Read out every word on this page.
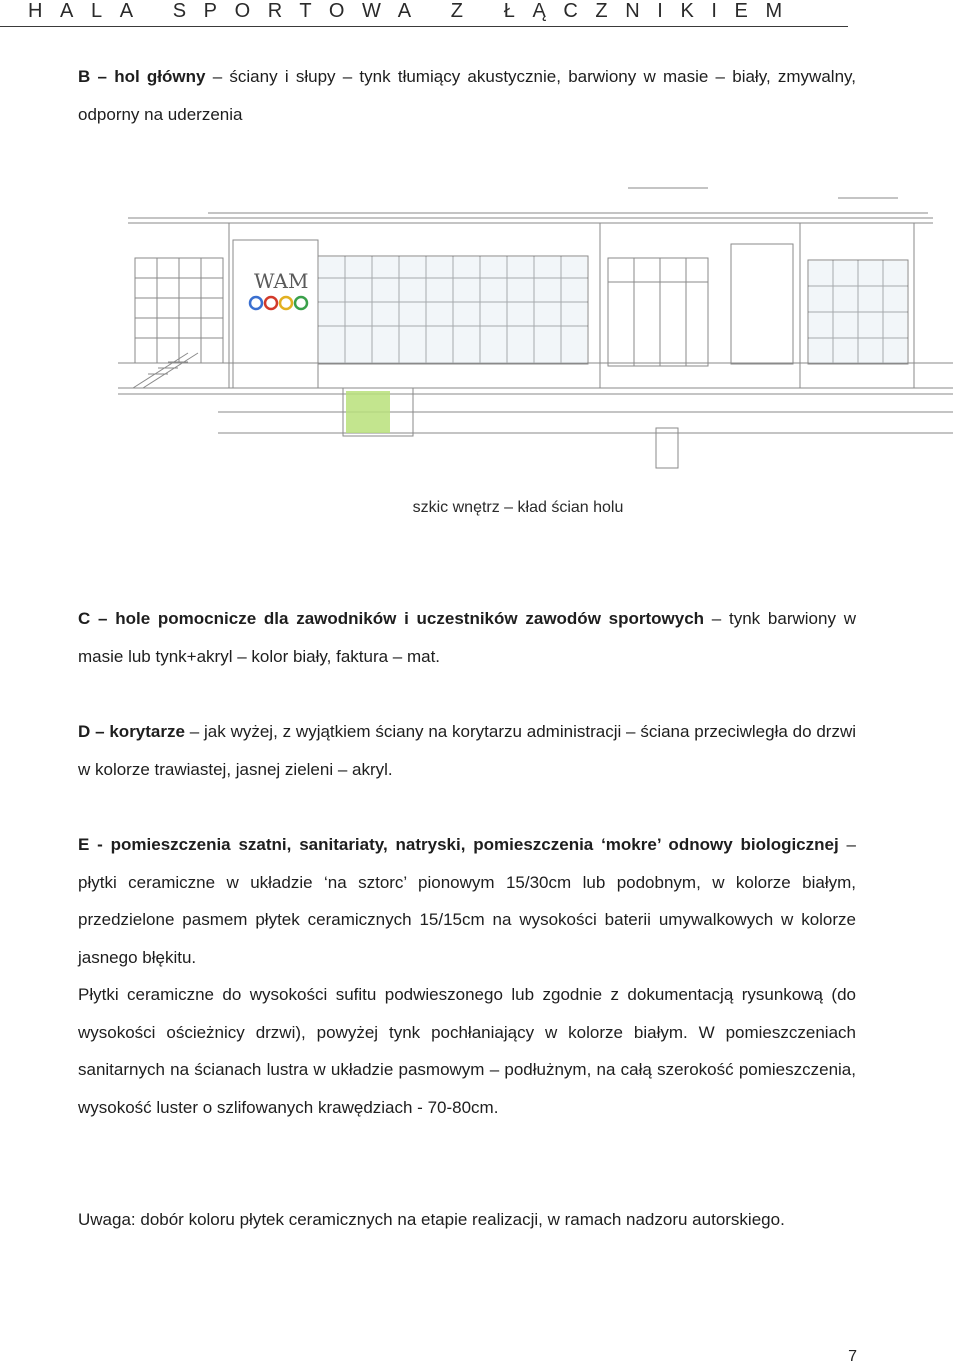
HALA SPORTOWA Z ŁĄCZNIKIEM

B – hol główny – ściany i słupy – tynk tłumiący akustycznie, barwiony w masie – biały, zmywalny, odporny na uderzenia

WAM
szkic wnętrz – kład ścian holu

C – hole pomocnicze dla zawodników i uczestników zawodów sportowych – tynk barwiony w masie lub tynk+akryl – kolor biały, faktura – mat.

D – korytarze – jak wyżej, z wyjątkiem ściany na korytarzu administracji – ściana przeciwległa do drzwi w kolorze trawiastej, jasnej zieleni – akryl.

E - pomieszczenia szatni, sanitariaty, natryski, pomieszczenia ‘mokre’ odnowy biologicznej – płytki ceramiczne w układzie ‘na sztorc’ pionowym 15/30cm lub podobnym, w kolorze białym, przedzielone pasmem płytek ceramicznych 15/15cm na wysokości baterii umywalkowych w kolorze jasnego błękitu.

Płytki ceramiczne do wysokości sufitu podwieszonego lub zgodnie z dokumentacją rysunkową (do wysokości ościeżnicy drzwi), powyżej tynk pochłaniający w kolorze białym. W pomieszczeniach sanitarnych na ścianach lustra w układzie pasmowym – podłużnym, na całą szerokość pomieszczenia, wysokość luster o szlifowanych krawędziach - 70-80cm.

Uwaga: dobór koloru płytek ceramicznych na etapie realizacji, w ramach nadzoru autorskiego.

7
